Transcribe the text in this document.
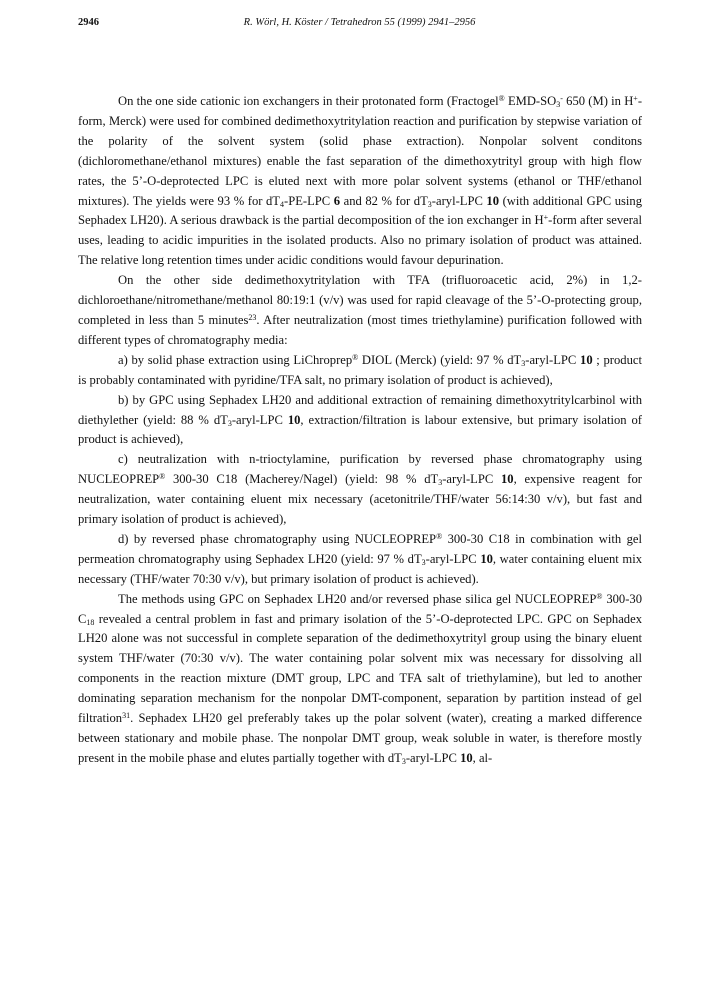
2946	R. Wörl, H. Köster / Tetrahedron 55 (1999) 2941–2956

On the one side cationic ion exchangers in their protonated form (Fractogel® EMD-$SO_3^-$ 650 (M) in H+-form, Merck) were used for combined dedimethoxytritylation reaction and purification by stepwise variation of the polarity of the solvent system (solid phase extraction). Nonpolar solvent conditons (dichloromethane/ethanol mixtures) enable the fast separation of the dimethoxytrityl group with high flow rates, the 5’-O-deprotected LPC is eluted next with more polar solvent systems (ethanol or THF/ethanol mixtures). The yields were 93 % for $dT_4-PE$-LPC 6 and 82 % for $dT_3-aryl$-LPC 10 (with additional GPC using Sephadex LH20). A serious drawback is the partial decomposition of the ion exchanger in H+-form after several uses, leading to acidic impurities in the isolated products. Also no primary isolation of product was attained. The relative long retention times under acidic conditions would favour depurination.

On the other side dedimethoxytritylation with TFA (trifluoroacetic acid, 2%) in 1,2-dichloroethane/nitromethane/methanol 80:19:1 (v/v) was used for rapid cleavage of the 5’-O-protecting group, completed in less than 5 minutes$^{23}$. After neutralization (most times triethylamine) purification followed with different types of chromatography media:

a) by solid phase extraction using LiChroprep® DIOL (Merck) (yield: 97 % $dT_3-aryl$-LPC 10 ; product is probably contaminated with pyridine/TFA salt, no primary isolation of product is achieved),

b) by GPC using Sephadex LH20 and additional extraction of remaining dimethoxytritylcarbinol with diethylether (yield: 88 % $dT_3-aryl$-LPC 10, extraction/filtration is labour extensive, but primary isolation of product is achieved),

c) neutralization with n-trioctylamine, purification by reversed phase chromatography using NUCLEOPREP® 300-30 C18 (Macherey/Nagel) (yield: 98 % $dT_3-aryl$-LPC 10, expensive reagent for neutralization, water containing eluent mix necessary (acetonitrile/THF/water 56:14:30 v/v), but fast and primary isolation of product is achieved),

d) by reversed phase chromatography using NUCLEOPREP® 300-30 C18 in combination with gel permeation chromatography using Sephadex LH20 (yield: 97 % $dT_3-aryl$-LPC 10, water containing eluent mix necessary (THF/water 70:30 v/v), but primary isolation of product is achieved).

The methods using GPC on Sephadex LH20 and/or reversed phase silica gel NUCLEOPREP® 300-30 $C_{18}$ revealed a central problem in fast and primary isolation of the 5’-O-deprotected LPC. GPC on Sephadex LH20 alone was not successful in complete separation of the dedimethoxytrityl group using the binary eluent system THF/water (70:30 v/v). The water containing polar solvent mix was necessary for dissolving all components in the reaction mixture (DMT group, LPC and TFA salt of triethylamine), but led to another dominating separation mechanism for the nonpolar DMT-component, separation by partition instead of gel filtration$^{31}$. Sephadex LH20 gel preferably takes up the polar solvent (water), creating a marked difference between stationary and mobile phase. The nonpolar DMT group, weak soluble in water, is therefore mostly present in the mobile phase and elutes partially together with $dT_3-aryl$-LPC 10, al-
